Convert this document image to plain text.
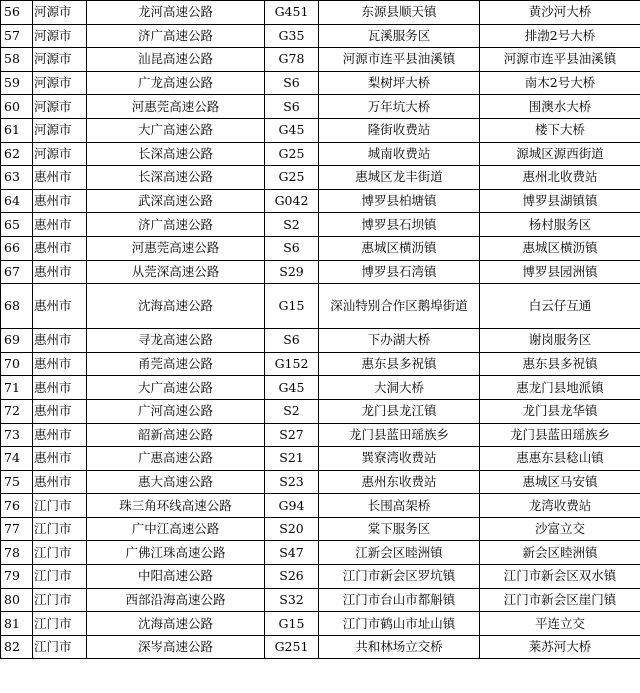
56	河源市	龙河高速公路	G451	东源县顺天镇	黄沙河大桥
57	河源市	济广高速公路	G35	瓦溪服务区	排渤2号大桥
58	河源市	汕昆高速公路	G78	河源市连平县油溪镇	河源市连平县油溪镇
59	河源市	广龙高速公路	S6	梨树坪大桥	南木2号大桥
60	河源市	河惠莞高速公路	S6	万年坑大桥	围澳水大桥
61	河源市	大广高速公路	G45	隆街收费站	楼下大桥
62	河源市	长深高速公路	G25	城南收费站	源城区源西街道
63	惠州市	长深高速公路	G25	惠城区龙丰街道	惠州北收费站
64	惠州市	武深高速公路	G042	博罗县柏塘镇	博罗县湖镇镇
65	惠州市	济广高速公路	S2	博罗县石坝镇	杨村服务区
66	惠州市	河惠莞高速公路	S6	惠城区横沥镇	惠城区横沥镇
67	惠州市	从莞深高速公路	S29	博罗县石湾镇	博罗县园洲镇
68	惠州市	沈海高速公路	G15	深汕特别合作区鹅埠街道	白云仔互通
69	惠州市	寻龙高速公路	S6	下办湖大桥	谢岗服务区
70	惠州市	甬莞高速公路	G152	惠东县多祝镇	惠东县多祝镇
71	惠州市	大广高速公路	G45	大洞大桥	惠龙门县地派镇
72	惠州市	广河高速公路	S2	龙门县龙江镇	龙门县龙华镇
73	惠州市	韶新高速公路	S27	龙门县蓝田瑶族乡	龙门县蓝田瑶族乡
74	惠州市	广惠高速公路	S21	巽寮湾收费站	惠惠东县稔山镇
75	惠州市	惠大高速公路	S23	惠州东收费站	惠城区马安镇
76	江门市	珠三角环线高速公路	G94	长围高架桥	龙湾收费站
77	江门市	广中江高速公路	S20	棠下服务区	沙富立交
78	江门市	广佛江珠高速公路	S47	江新会区睦洲镇	新会区睦洲镇
79	江门市	中阳高速公路	S26	江门市新会区罗坑镇	江门市新会区双水镇
80	江门市	西部沿海高速公路	S32	江门市台山市都斛镇	江门市新会区崖门镇
81	江门市	沈海高速公路	G15	江门市鹤山市址山镇	平连立交
82	江门市	深岑高速公路	G251	共和林场立交桥	莱苏河大桥
